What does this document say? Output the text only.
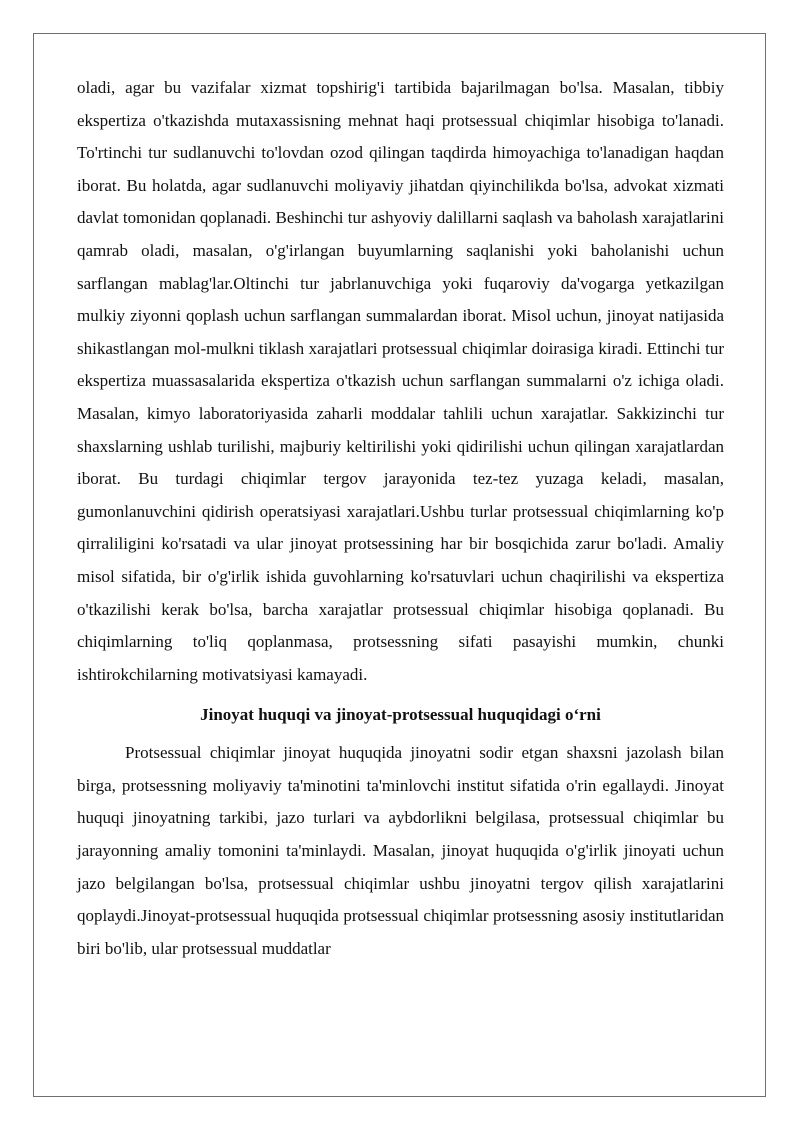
oladi, agar bu vazifalar xizmat topshirig'i tartibida bajarilmagan bo'lsa. Masalan, tibbiy ekspertiza o'tkazishda mutaxassisning mehnat haqi protsessual chiqimlar hisobiga to'lanadi. To'rtinchi tur sudlanuvchi to'lovdan ozod qilingan taqdirda himoyachiga to'lanadigan haqdan iborat. Bu holatda, agar sudlanuvchi moliyaviy jihatdan qiyinchilikda bo'lsa, advokat xizmati davlat tomonidan qoplanadi. Beshinchi tur ashyoviy dalillarni saqlash va baholash xarajatlarini qamrab oladi, masalan, o'g'irlangan buyumlarning saqlanishi yoki baholanishi uchun sarflangan mablag'lar.Oltinchi tur jabrlanuvchiga yoki fuqaroviy da'vogarga yetkazilgan mulkiy ziyonni qoplash uchun sarflangan summalardan iborat. Misol uchun, jinoyat natijasida shikastlangan mol-mulkni tiklash xarajatlari protsessual chiqimlar doirasiga kiradi. Ettinchi tur ekspertiza muassasalarida ekspertiza o'tkazish uchun sarflangan summalarni o'z ichiga oladi. Masalan, kimyo laboratoriyasida zaharli moddalar tahlili uchun xarajatlar. Sakkizinchi tur shaxslarning ushlab turilishi, majburiy keltirilishi yoki qidirilishi uchun qilingan xarajatlardan iborat. Bu turdagi chiqimlar tergov jarayonida tez-tez yuzaga keladi, masalan, gumonlanuvchini qidirish operatsiyasi xarajatlari.Ushbu turlar protsessual chiqimlarning ko'p qirraliligini ko'rsatadi va ular jinoyat protsessining har bir bosqichida zarur bo'ladi. Amaliy misol sifatida, bir o'g'irlik ishida guvohlarning ko'rsatuvlari uchun chaqirilishi va ekspertiza o'tkazilishi kerak bo'lsa, barcha xarajatlar protsessual chiqimlar hisobiga qoplanadi. Bu chiqimlarning to'liq qoplanmasa, protsessning sifati pasayishi mumkin, chunki ishtirokchilarning motivatsiyasi kamayadi.

Jinoyat huquqi va jinoyat-protsessual huquqidagi o‘rni

Protsessual chiqimlar jinoyat huquqida jinoyatni sodir etgan shaxsni jazolash bilan birga, protsessning moliyaviy ta'minotini ta'minlovchi institut sifatida o'rin egallaydi. Jinoyat huquqi jinoyatning tarkibi, jazo turlari va aybdorlikni belgilasa, protsessual chiqimlar bu jarayonning amaliy tomonini ta'minlaydi. Masalan, jinoyat huquqida o'g'irlik jinoyati uchun jazo belgilangan bo'lsa, protsessual chiqimlar ushbu jinoyatni tergov qilish xarajatlarini qoplaydi.Jinoyat-protsessual huquqida protsessual chiqimlar protsessning asosiy institutlaridan biri bo'lib, ular protsessual muddatlar
